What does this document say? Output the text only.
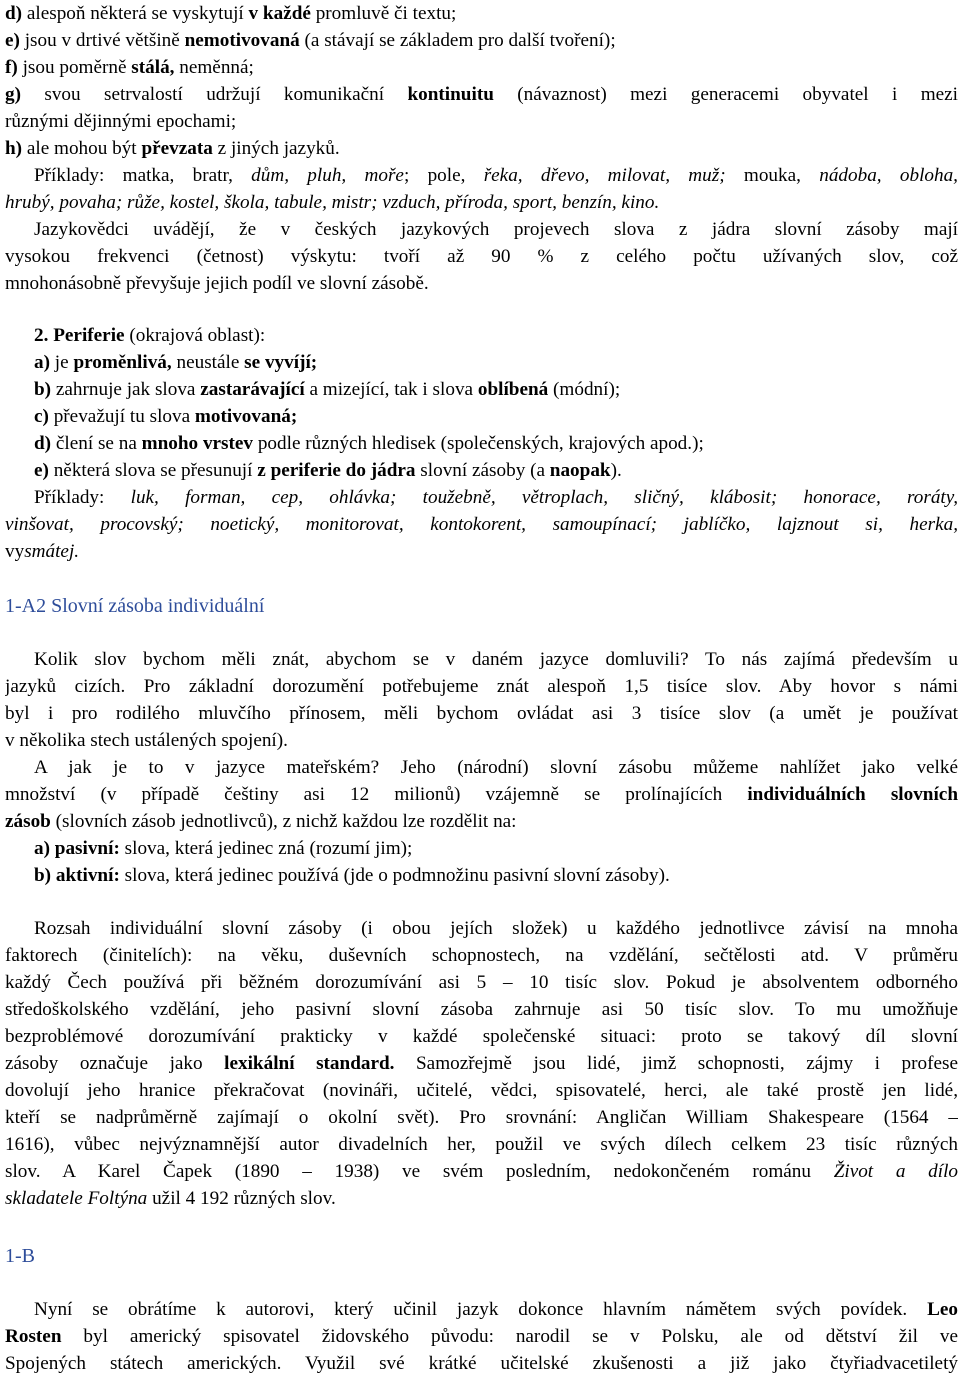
d) alespoň některá se vyskytují v každé promluvě či textu;
e) jsou v drtivé většině nemotivovaná (a stávají se základem pro další tvoření);
f) jsou poměrně stálá, neměnná;
g) svou setrvalostí udržují komunikační kontinuitu (návaznost) mezi generacemi obyvatel i mezi
různými dějinnými epochami;
h) ale mohou být převzata z jiných jazyků.
Příklady: matka, bratr, dům, pluh, moře; pole, řeka, dřevo, milovat, muž; mouka, nádoba, obloha,
hrubý, povaha; růže, kostel, škola, tabule, mistr; vzduch, příroda, sport, benzín, kino.
Jazykovědci uvádějí, že v českých jazykových projevech slova z jádra slovní zásoby mají
vysokou frekvenci (četnost) výskytu: tvoří až 90 % z celého počtu užívaných slov, což
mnohonásobně převyšuje jejich podíl ve slovní zásobě.
2. Periferie (okrajová oblast):
a) je proměnlivá, neustále se vyvíjí;
b) zahrnuje jak slova zastarávající a mizející, tak i slova oblíbená (módní);
c) převažují tu slova motivovaná;
d) člení se na mnoho vrstev podle různých hledisek (společenských, krajových apod.);
e) některá slova se přesunují z periferie do jádra slovní zásoby (a naopak).
Příklady: luk, forman, cep, ohlávka; toužebně, větroplach, sličný, klábosit; honorace, roráty,
vinšovat, procovský; noetický, monitorovat, kontokorent, samoupínací; jablíčko, lajznout si, herka,
vysmátej.
1-A2 Slovní zásoba individuální
Kolik slov bychom měli znát, abychom se v daném jazyce domluvili? To nás zajímá především u
jazyků cizích. Pro základní dorozumění potřebujeme znát alespoň 1,5 tisíce slov. Aby hovor s námi
byl i pro rodilého mluvčího přínosem, měli bychom ovládat asi 3 tisíce slov (a umět je používat
v několika stech ustálených spojení).
A jak je to v jazyce mateřském? Jeho (národní) slovní zásobu můžeme nahlížet jako velké
množství (v případě češtiny asi 12 milionů) vzájemně se prolínajících individuálních slovních
zásob (slovních zásob jednotlivců), z nichž každou lze rozdělit na:
a) pasivní: slova, která jedinec zná (rozumí jim);
b) aktivní: slova, která jedinec používá (jde o podmnožinu pasivní slovní zásoby).
Rozsah individuální slovní zásoby (i obou jejích složek) u každého jednotlivce závisí na mnoha
faktorech (činitelích): na věku, duševních schopnostech, na vzdělání, sečtělosti atd. V průměru
každý Čech používá při běžném dorozumívání asi 5 – 10 tisíc slov. Pokud je absolventem odborného
středoškolského vzdělání, jeho pasivní slovní zásoba zahrnuje asi 50 tisíc slov. To mu umožňuje
bezproblémové dorozumívání prakticky v každé společenské situaci: proto se takový díl slovní
zásoby označuje jako lexikální standard. Samozřejmě jsou lidé, jimž schopnosti, zájmy i profese
dovolují jeho hranice překračovat (novináři, učitelé, vědci, spisovatelé, herci, ale také prostě jen lidé,
kteří se nadprůměrně zajímají o okolní svět). Pro srovnání: Angličan William Shakespeare (1564 –
1616), vůbec nejvýznamnější autor divadelních her, použil ve svých dílech celkem 23 tisíc různých
slov. A Karel Čapek (1890 – 1938) ve svém posledním, nedokončeném románu Život a dílo
skladatele Foltýna užil 4 192 různých slov.
1-B
Nyní se obrátíme k autorovi, který učinil jazyk dokonce hlavním námětem svých povídek. Leo
Rosten byl americký spisovatel židovského původu: narodil se v Polsku, ale od dětství žil ve
Spojených státech amerických. Využil své krátké učitelské zkušenosti a již jako čtyřiadvacetiletý
